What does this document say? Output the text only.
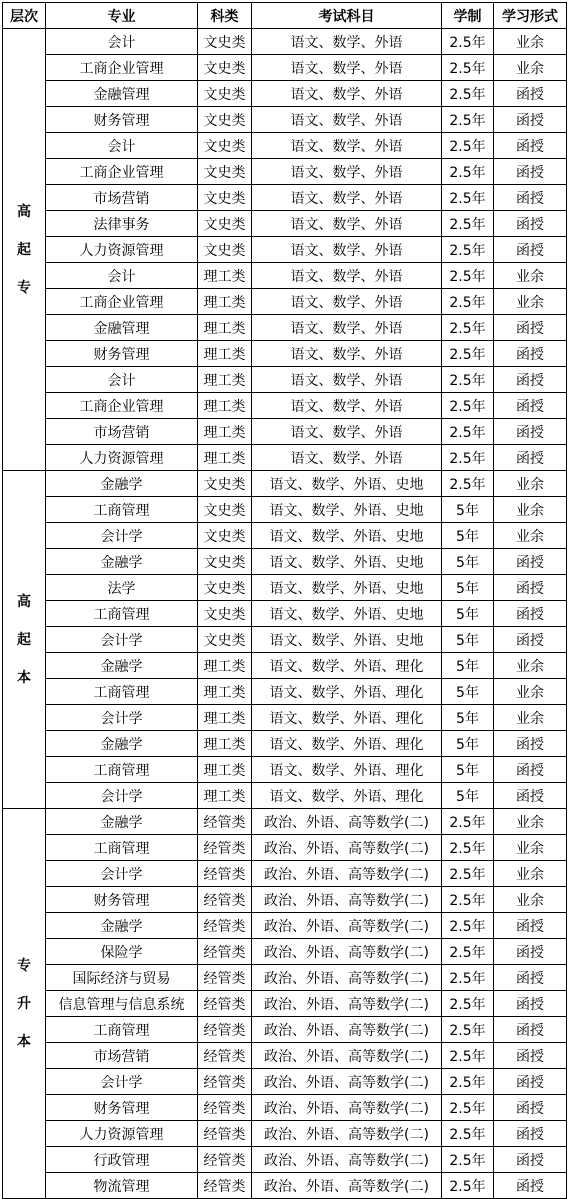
层次	专业	科类	考试科目	学制	学习形式

高
起
专	会计	文史类	语文、数学、外语	2.5年	业余
	工商企业管理	文史类	语文、数学、外语	2.5年	业余
	金融管理	文史类	语文、数学、外语	2.5年	函授
	财务管理	文史类	语文、数学、外语	2.5年	函授
	会计	文史类	语文、数学、外语	2.5年	函授
	工商企业管理	文史类	语文、数学、外语	2.5年	函授
	市场营销	文史类	语文、数学、外语	2.5年	函授
	法律事务	文史类	语文、数学、外语	2.5年	函授
	人力资源管理	文史类	语文、数学、外语	2.5年	函授
	会计	理工类	语文、数学、外语	2.5年	业余
	工商企业管理	理工类	语文、数学、外语	2.5年	业余
	金融管理	理工类	语文、数学、外语	2.5年	函授
	财务管理	理工类	语文、数学、外语	2.5年	函授
	会计	理工类	语文、数学、外语	2.5年	函授
	工商企业管理	理工类	语文、数学、外语	2.5年	函授
	市场营销	理工类	语文、数学、外语	2.5年	函授
	人力资源管理	理工类	语文、数学、外语	2.5年	函授

高
起
本	金融学	文史类	语文、数学、外语、史地	2.5年	业余
	工商管理	文史类	语文、数学、外语、史地	5年	业余
	会计学	文史类	语文、数学、外语、史地	5年	业余
	金融学	文史类	语文、数学、外语、史地	5年	函授
	法学	文史类	语文、数学、外语、史地	5年	函授
	工商管理	文史类	语文、数学、外语、史地	5年	函授
	会计学	文史类	语文、数学、外语、史地	5年	函授
	金融学	理工类	语文、数学、外语、理化	5年	业余
	工商管理	理工类	语文、数学、外语、理化	5年	业余
	会计学	理工类	语文、数学、外语、理化	5年	业余
	金融学	理工类	语文、数学、外语、理化	5年	函授
	工商管理	理工类	语文、数学、外语、理化	5年	函授
	会计学	理工类	语文、数学、外语、理化	5年	函授

专
升
本	金融学	经管类	政治、外语、高等数学(二)	2.5年	业余
	工商管理	经管类	政治、外语、高等数学(二)	2.5年	业余
	会计学	经管类	政治、外语、高等数学(二)	2.5年	业余
	财务管理	经管类	政治、外语、高等数学(二)	2.5年	业余
	金融学	经管类	政治、外语、高等数学(二)	2.5年	函授
	保险学	经管类	政治、外语、高等数学(二)	2.5年	函授
	国际经济与贸易	经管类	政治、外语、高等数学(二)	2.5年	函授
	信息管理与信息系统	经管类	政治、外语、高等数学(二)	2.5年	函授
	工商管理	经管类	政治、外语、高等数学(二)	2.5年	函授
	市场营销	经管类	政治、外语、高等数学(二)	2.5年	函授
	会计学	经管类	政治、外语、高等数学(二)	2.5年	函授
	财务管理	经管类	政治、外语、高等数学(二)	2.5年	函授
	人力资源管理	经管类	政治、外语、高等数学(二)	2.5年	函授
	行政管理	经管类	政治、外语、高等数学(二)	2.5年	函授
	物流管理	经管类	政治、外语、高等数学(二)	2.5年	函授
